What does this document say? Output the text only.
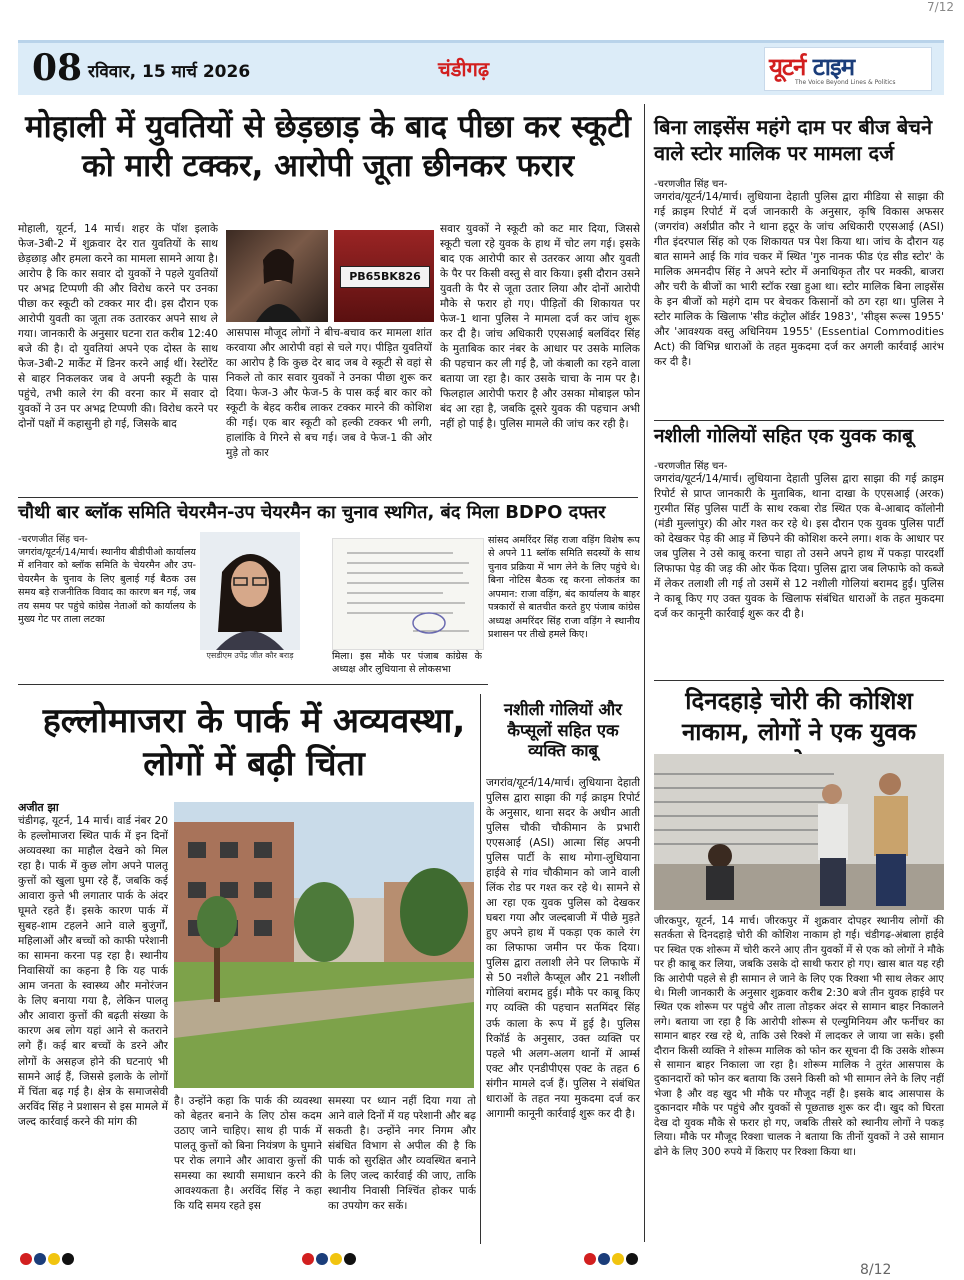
7/12
08 रविवार, 15 मार्च 2026	चंडीगढ़	यूटर्न टाइम
The Voice Beyond Lines & Politics
मोहाली में युवतियों से छेड़छाड़ के बाद पीछा कर स्कूटी को मारी टक्कर, आरोपी जूता छीनकर फरार
मोहाली, यूटर्न, 14 मार्च। शहर के पॉश इलाके फेज-3बी-2 में शुक्रवार देर रात युवतियों के साथ छेड़छाड़ और हमला करने का मामला सामने आया है। आरोप है कि कार सवार दो युवकों ने पहले युवतियों पर अभद्र टिप्पणी की और विरोध करने पर उनका पीछा कर स्कूटी को टक्कर मार दी। इस दौरान एक आरोपी युवती का जूता तक उतारकर अपने साथ ले गया। जानकारी के अनुसार घटना रात करीब 12:40 बजे की है। दो युवतियां अपने एक दोस्त के साथ फेज-3बी-2 मार्केट में डिनर करने आई थीं। रेस्टोरेंट से बाहर निकलकर जब वे अपनी स्कूटी के पास पहुंचे, तभी काले रंग की वरना कार में सवार दो युवकों ने उन पर अभद्र टिप्पणी की। विरोध करने पर दोनों पक्षों में कहासुनी हो गई, जिसके बाद
PB65BK826
आसपास मौजूद लोगों ने बीच-बचाव कर मामला शांत करवाया और आरोपी वहां से चले गए। पीड़ित युवतियों का आरोप है कि कुछ देर बाद जब वे स्कूटी से वहां से निकले तो कार सवार युवकों ने उनका पीछा शुरू कर दिया। फेज-3 और फेज-5 के पास कई बार कार को स्कूटी के बेहद करीब लाकर टक्कर मारने की कोशिश की गई। एक बार स्कूटी को हल्की टक्कर भी लगी, हालांकि वे गिरने से बच गई। जब वे फेज-1 की ओर मुड़े तो कार
सवार युवकों ने स्कूटी को कट मार दिया, जिससे स्कूटी चला रहे युवक के हाथ में चोट लग गई। इसके बाद एक आरोपी कार से उतरकर आया और युवती के पैर पर किसी वस्तु से वार किया। इसी दौरान उसने युवती के पैर से जूता उतार लिया और दोनों आरोपी मौके से फरार हो गए। पीड़ितों की शिकायत पर फेज-1 थाना पुलिस ने मामला दर्ज कर जांच शुरू कर दी है। जांच अधिकारी एएसआई बलविंदर सिंह के मुताबिक कार नंबर के आधार पर उसके मालिक की पहचान कर ली गई है, जो कंबाली का रहने वाला बताया जा रहा है। कार उसके चाचा के नाम पर है। फिलहाल आरोपी फरार है और उसका मोबाइल फोन बंद आ रहा है, जबकि दूसरे युवक की पहचान अभी नहीं हो पाई है। पुलिस मामले की जांच कर रही है।
चौथी बार ब्लॉक समिति चेयरमैन-उप चेयरमैन का चुनाव स्थगित, बंद मिला BDPO दफ्तर
-चरणजीत सिंह चन-
जगरांव/यूटर्न/14/मार्च। स्थानीय बीडीपीओ कार्यालय में शनिवार को ब्लॉक समिति के चेयरमैन और उप-चेयरमैन के चुनाव के लिए बुलाई गई बैठक उस समय बड़े राजनीतिक विवाद का कारण बन गई, जब तय समय पर पहुंचे कांग्रेस नेताओं को कार्यालय के मुख्य गेट पर ताला लटका
एसडीएम उपेंद्र जीत कौर बराड़	मिला। इस मौके पर पंजाब कांग्रेस के अध्यक्ष और लुधियाना से लोकसभा
सांसद अमरिंदर सिंह राजा वड़िंग विशेष रूप से अपने 11 ब्लॉक समिति सदस्यों के साथ चुनाव प्रक्रिया में भाग लेने के लिए पहुंचे थे। बिना नोटिस बैठक रद्द करना लोकतंत्र का अपमान: राजा वड़िंग, बंद कार्यालय के बाहर पत्रकारों से बातचीत करते हुए पंजाब कांग्रेस अध्यक्ष अमरिंदर सिंह राजा वड़िंग ने स्थानीय प्रशासन पर तीखे हमले किए।
हल्लोमाजरा के पार्क में अव्यवस्था, लोगों में बढ़ी चिंता
अजीत झा
चंडीगढ़, यूटर्न, 14 मार्च। वार्ड नंबर 20 के हल्लोमाजरा स्थित पार्क में इन दिनों अव्यवस्था का माहौल देखने को मिल रहा है। पार्क में कुछ लोग अपने पालतू कुत्तों को खुला घुमा रहे हैं, जबकि कई आवारा कुत्ते भी लगातार पार्क के अंदर घूमते रहते हैं। इसके कारण पार्क में सुबह-शाम टहलने आने वाले बुजुर्गों, महिलाओं और बच्चों को काफी परेशानी का सामना करना पड़ रहा है। स्थानीय निवासियों का कहना है कि यह पार्क आम जनता के स्वास्थ्य और मनोरंजन के लिए बनाया गया है, लेकिन पालतू और आवारा कुत्तों की बढ़ती संख्या के कारण अब लोग यहां आने से कतराने लगे हैं। कई बार बच्चों के डरने और लोगों के असहज होने की घटनाएं भी सामने आई हैं, जिससे इलाके के लोगों में चिंता बढ़ गई है। क्षेत्र के समाजसेवी अरविंद सिंह ने प्रशासन से इस मामले में जल्द कार्रवाई करने की मांग की
है। उन्होंने कहा कि पार्क की व्यवस्था को बेहतर बनाने के लिए ठोस कदम उठाए जाने चाहिए। साथ ही पार्क में पालतू कुत्तों को बिना नियंत्रण के घुमाने पर रोक लगाने और आवारा कुत्तों की समस्या का स्थायी समाधान करने की आवश्यकता है। अरविंद सिंह ने कहा कि यदि समय रहते इस
समस्या पर ध्यान नहीं दिया गया तो आने वाले दिनों में यह परेशानी और बढ़ सकती है। उन्होंने नगर निगम और संबंधित विभाग से अपील की है कि पार्क को सुरक्षित और व्यवस्थित बनाने के लिए जल्द कार्रवाई की जाए, ताकि स्थानीय निवासी निश्चिंत होकर पार्क का उपयोग कर सकें।
नशीली गोलियों और कैप्सूलों सहित एक व्यक्ति काबू
जगरांव/यूटर्न/14/मार्च। लुधियाना देहाती पुलिस द्वारा साझा की गई क्राइम रिपोर्ट के अनुसार, थाना सदर के अधीन आती पुलिस चौकी चौकीमान के प्रभारी एएसआई (ASI) आत्मा सिंह अपनी पुलिस पार्टी के साथ मोगा-लुधियाना हाईवे से गांव चौकीमान को जाने वाली लिंक रोड पर गश्त कर रहे थे। सामने से आ रहा एक युवक पुलिस को देखकर घबरा गया और जल्दबाजी में पीछे मुड़ते हुए अपने हाथ में पकड़ा एक काले रंग का लिफाफा जमीन पर फेंक दिया। पुलिस द्वारा तलाशी लेने पर लिफाफे में से 50 नशीले कैप्सूल और 21 नशीली गोलियां बरामद हुई। मौके पर काबू किए गए व्यक्ति की पहचान सतमिंदर सिंह उर्फ काला के रूप में हुई है। पुलिस रिकॉर्ड के अनुसार, उक्त व्यक्ति पर पहले भी अलग-अलग थानों में आर्म्स एक्ट और एनडीपीएस एक्ट के तहत 6 संगीन मामले दर्ज हैं। पुलिस ने संबंधित धाराओं के तहत नया मुकदमा दर्ज कर आगामी कानूनी कार्रवाई शुरू कर दी है।
बिना लाइसेंस महंगे दाम पर बीज बेचने वाले स्टोर मालिक पर मामला दर्ज
-चरणजीत सिंह चन-
जगरांव/यूटर्न/14/मार्च। लुधियाना देहाती पुलिस द्वारा मीडिया से साझा की गई क्राइम रिपोर्ट में दर्ज जानकारी के अनुसार, कृषि विकास अफसर (जगरांव) अर्शप्रीत कौर ने थाना हठूर के जांच अधिकारी एएसआई (ASI) गीत इंदरपाल सिंह को एक शिकायत पत्र पेश किया था। जांच के दौरान यह बात सामने आई कि गांव चकर में स्थित 'गुरु नानक फीड एंड सीड स्टोर' के मालिक अमनदीप सिंह ने अपने स्टोर में अनाधिकृत तौर पर मक्की, बाजरा और चरी के बीजों का भारी स्टॉक रखा हुआ था। स्टोर मालिक बिना लाइसेंस के इन बीजों को महंगे दाम पर बेचकर किसानों को ठग रहा था। पुलिस ने स्टोर मालिक के खिलाफ 'सीड कंट्रोल ऑर्डर 1983', 'सीड्स रूल्स 1955' और 'आवश्यक वस्तु अधिनियम 1955' (Essential Commodities Act) की विभिन्न धाराओं के तहत मुकदमा दर्ज कर अगली कार्रवाई आरंभ कर दी है।
नशीली गोलियों सहित एक युवक काबू
-चरणजीत सिंह चन-
जगरांव/यूटर्न/14/मार्च। लुधियाना देहाती पुलिस द्वारा साझा की गई क्राइम रिपोर्ट से प्राप्त जानकारी के मुताबिक, थाना दाखा के एएसआई (अरक) गुरमीत सिंह पुलिस पार्टी के साथ रकबा रोड स्थित एक बे-आबाद कॉलोनी (मंडी मुल्लांपुर) की ओर गश्त कर रहे थे। इस दौरान एक युवक पुलिस पार्टी को देखकर पेड़ की आड़ में छिपने की कोशिश करने लगा। शक के आधार पर जब पुलिस ने उसे काबू करना चाहा तो उसने अपने हाथ में पकड़ा पारदर्शी लिफाफा पेड़ की जड़ की ओर फेंक दिया। पुलिस द्वारा जब लिफाफे को कब्जे में लेकर तलाशी ली गई तो उसमें से 12 नशीली गोलियां बरामद हुईं। पुलिस ने काबू किए गए उक्त युवक के खिलाफ संबंधित धाराओं के तहत मुकदमा दर्ज कर कानूनी कार्रवाई शुरू कर दी है।
दिनदहाड़े चोरी की कोशिश नाकाम, लोगों ने एक युवक
जीरकपुर, यूटर्न, 14 मार्च। जीरकपुर में शुक्रवार दोपहर स्थानीय लोगों की सतर्कता से दिनदहाड़े चोरी की कोशिश नाकाम हो गई। चंडीगढ़-अंबाला हाईवे पर स्थित एक शोरूम में चोरी करने आए तीन युवकों में से एक को लोगों ने मौके पर ही काबू कर लिया, जबकि उसके दो साथी फरार हो गए। खास बात यह रही कि आरोपी पहले से ही सामान ले जाने के लिए एक रिक्शा भी साथ लेकर आए थे। मिली जानकारी के अनुसार शुक्रवार करीब 2:30 बजे तीन युवक हाईवे पर स्थित एक शोरूम पर पहुंचे और ताला तोड़कर अंदर से सामान बाहर निकालने लगे। बताया जा रहा है कि आरोपी शोरूम से एल्युमिनियम और फर्नीचर का सामान बाहर रख रहे थे, ताकि उसे रिक्शे में लादकर ले जाया जा सके। इसी दौरान किसी व्यक्ति ने शोरूम मालिक को फोन कर सूचना दी कि उसके शोरूम से सामान बाहर निकाला जा रहा है। शोरूम मालिक ने तुरंत आसपास के दुकानदारों को फोन कर बताया कि उसने किसी को भी सामान लेने के लिए नहीं भेजा है और वह खुद भी मौके पर मौजूद नहीं है। इसके बाद आसपास के दुकानदार मौके पर पहुंचे और युवकों से पूछताछ शुरू कर दी। खुद को घिरता देख दो युवक मौके से फरार हो गए, जबकि तीसरे को स्थानीय लोगों ने पकड़ लिया। मौके पर मौजूद रिक्शा चालक ने बताया कि तीनों युवकों ने उसे सामान ढोने के लिए 300 रुपये में किराए पर रिक्शा किया था।
8/12
